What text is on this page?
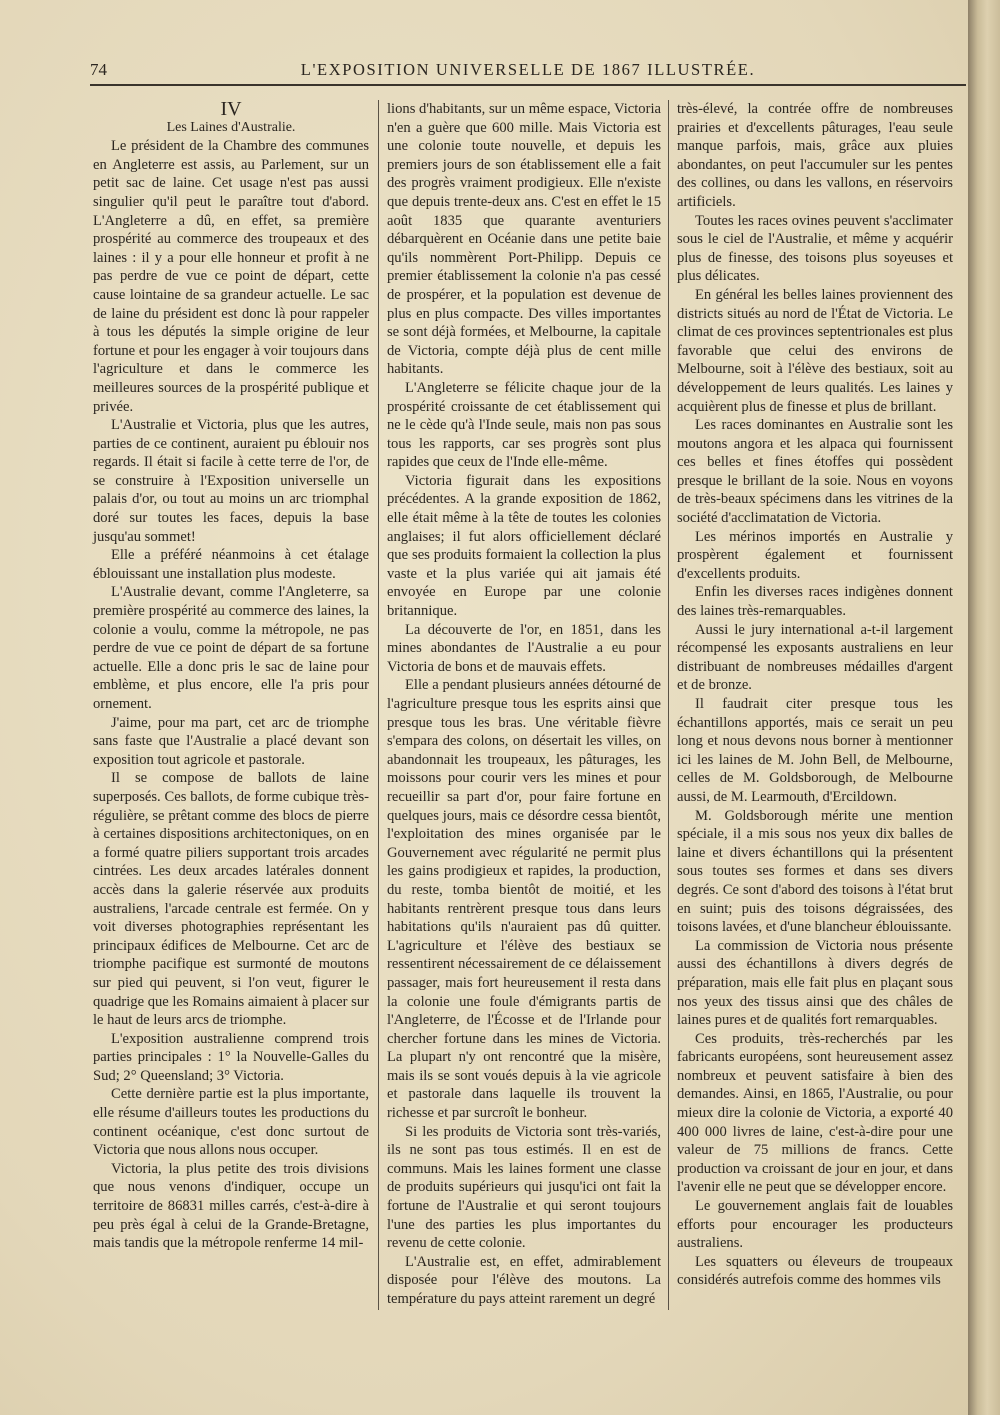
74	L'EXPOSITION UNIVERSELLE DE 1867 ILLUSTRÉE.

IV

Les Laines d'Australie.

Le président de la Chambre des communes en Angleterre est assis, au Parlement, sur un petit sac de laine. Cet usage n'est pas aussi singulier qu'il peut le paraître tout d'abord. L'Angleterre a dû, en effet, sa première prospérité au commerce des troupeaux et des laines : il y a pour elle honneur et profit à ne pas perdre de vue ce point de départ, cette cause lointaine de sa grandeur actuelle. Le sac de laine du président est donc là pour rappeler à tous les députés la simple origine de leur fortune et pour les engager à voir toujours dans l'agriculture et dans le commerce les meilleures sources de la prospérité publique et privée.

L'Australie et Victoria, plus que les autres, parties de ce continent, auraient pu éblouir nos regards. Il était si facile à cette terre de l'or, de se construire à l'Exposition universelle un palais d'or, ou tout au moins un arc triomphal doré sur toutes les faces, depuis la base jusqu'au sommet!

Elle a préféré néanmoins à cet étalage éblouissant une installation plus modeste.

L'Australie devant, comme l'Angleterre, sa première prospérité au commerce des laines, la colonie a voulu, comme la métropole, ne pas perdre de vue ce point de départ de sa fortune actuelle. Elle a donc pris le sac de laine pour emblème, et plus encore, elle l'a pris pour ornement.

J'aime, pour ma part, cet arc de triomphe sans faste que l'Australie a placé devant son exposition tout agricole et pastorale.

Il se compose de ballots de laine superposés. Ces ballots, de forme cubique très-régulière, se prêtant comme des blocs de pierre à certaines dispositions architectoniques, on en a formé quatre piliers supportant trois arcades cintrées. Les deux arcades latérales donnent accès dans la galerie réservée aux produits australiens, l'arcade centrale est fermée. On y voit diverses photographies représentant les principaux édifices de Melbourne. Cet arc de triomphe pacifique est surmonté de moutons sur pied qui peuvent, si l'on veut, figurer le quadrige que les Romains aimaient à placer sur le haut de leurs arcs de triomphe.

L'exposition australienne comprend trois parties principales : 1° la Nouvelle-Galles du Sud; 2° Queensland; 3° Victoria.

Cette dernière partie est la plus importante, elle résume d'ailleurs toutes les productions du continent océanique, c'est donc surtout de Victoria que nous allons nous occuper.

Victoria, la plus petite des trois divisions que nous venons d'indiquer, occupe un territoire de 86831 milles carrés, c'est-à-dire à peu près égal à celui de la Grande-Bretagne, mais tandis que la métropole renferme 14 mil-

lions d'habitants, sur un même espace, Victoria n'en a guère que 600 mille. Mais Victoria est une colonie toute nouvelle, et depuis les premiers jours de son établissement elle a fait des progrès vraiment prodigieux. Elle n'existe que depuis trente-deux ans. C'est en effet le 15 août 1835 que quarante aventuriers débarquèrent en Océanie dans une petite baie qu'ils nommèrent Port-Philipp. Depuis ce premier établissement la colonie n'a pas cessé de prospérer, et la population est devenue de plus en plus compacte. Des villes importantes se sont déjà formées, et Melbourne, la capitale de Victoria, compte déjà plus de cent mille habitants.

L'Angleterre se félicite chaque jour de la prospérité croissante de cet établissement qui ne le cède qu'à l'Inde seule, mais non pas sous tous les rapports, car ses progrès sont plus rapides que ceux de l'Inde elle-même.

Victoria figurait dans les expositions précédentes. A la grande exposition de 1862, elle était même à la tête de toutes les colonies anglaises; il fut alors officiellement déclaré que ses produits formaient la collection la plus vaste et la plus variée qui ait jamais été envoyée en Europe par une colonie britannique.

La découverte de l'or, en 1851, dans les mines abondantes de l'Australie a eu pour Victoria de bons et de mauvais effets.

Elle a pendant plusieurs années détourné de l'agriculture presque tous les esprits ainsi que presque tous les bras. Une véritable fièvre s'empara des colons, on désertait les villes, on abandonnait les troupeaux, les pâturages, les moissons pour courir vers les mines et pour recueillir sa part d'or, pour faire fortune en quelques jours, mais ce désordre cessa bientôt, l'exploitation des mines organisée par le Gouvernement avec régularité ne permit plus les gains prodigieux et rapides, la production, du reste, tomba bientôt de moitié, et les habitants rentrèrent presque tous dans leurs habitations qu'ils n'auraient pas dû quitter. L'agriculture et l'élève des bestiaux se ressentirent nécessairement de ce délaissement passager, mais fort heureusement il resta dans la colonie une foule d'émigrants partis de l'Angleterre, de l'Écosse et de l'Irlande pour chercher fortune dans les mines de Victoria. La plupart n'y ont rencontré que la misère, mais ils se sont voués depuis à la vie agricole et pastorale dans laquelle ils trouvent la richesse et par surcroît le bonheur.

Si les produits de Victoria sont très-variés, ils ne sont pas tous estimés. Il en est de communs. Mais les laines forment une classe de produits supérieurs qui jusqu'ici ont fait la fortune de l'Australie et qui seront toujours l'une des parties les plus importantes du revenu de cette colonie.

L'Australie est, en effet, admirablement disposée pour l'élève des moutons. La température du pays atteint rarement un degré

très-élevé, la contrée offre de nombreuses prairies et d'excellents pâturages, l'eau seule manque parfois, mais, grâce aux pluies abondantes, on peut l'accumuler sur les pentes des collines, ou dans les vallons, en réservoirs artificiels.

Toutes les races ovines peuvent s'acclimater sous le ciel de l'Australie, et même y acquérir plus de finesse, des toisons plus soyeuses et plus délicates.

En général les belles laines proviennent des districts situés au nord de l'État de Victoria. Le climat de ces provinces septentrionales est plus favorable que celui des environs de Melbourne, soit à l'élève des bestiaux, soit au développement de leurs qualités. Les laines y acquièrent plus de finesse et plus de brillant.

Les races dominantes en Australie sont les moutons angora et les alpaca qui fournissent ces belles et fines étoffes qui possèdent presque le brillant de la soie. Nous en voyons de très-beaux spécimens dans les vitrines de la société d'acclimatation de Victoria.

Les mérinos importés en Australie y prospèrent également et fournissent d'excellents produits.

Enfin les diverses races indigènes donnent des laines très-remarquables.

Aussi le jury international a-t-il largement récompensé les exposants australiens en leur distribuant de nombreuses médailles d'argent et de bronze.

Il faudrait citer presque tous les échantillons apportés, mais ce serait un peu long et nous devons nous borner à mentionner ici les laines de M. John Bell, de Melbourne, celles de M. Goldsborough, de Melbourne aussi, de M. Learmouth, d'Ercildown.

M. Goldsborough mérite une mention spéciale, il a mis sous nos yeux dix balles de laine et divers échantillons qui la présentent sous toutes ses formes et dans ses divers degrés. Ce sont d'abord des toisons à l'état brut en suint; puis des toisons dégraissées, des toisons lavées, et d'une blancheur éblouissante.

La commission de Victoria nous présente aussi des échantillons à divers degrés de préparation, mais elle fait plus en plaçant sous nos yeux des tissus ainsi que des châles de laines pures et de qualités fort remarquables.

Ces produits, très-recherchés par les fabricants européens, sont heureusement assez nombreux et peuvent satisfaire à bien des demandes. Ainsi, en 1865, l'Australie, ou pour mieux dire la colonie de Victoria, a exporté 40 400 000 livres de laine, c'est-à-dire pour une valeur de 75 millions de francs. Cette production va croissant de jour en jour, et dans l'avenir elle ne peut que se développer encore.

Le gouvernement anglais fait de louables efforts pour encourager les producteurs australiens.

Les squatters ou éleveurs de troupeaux considérés autrefois comme des hommes vils
